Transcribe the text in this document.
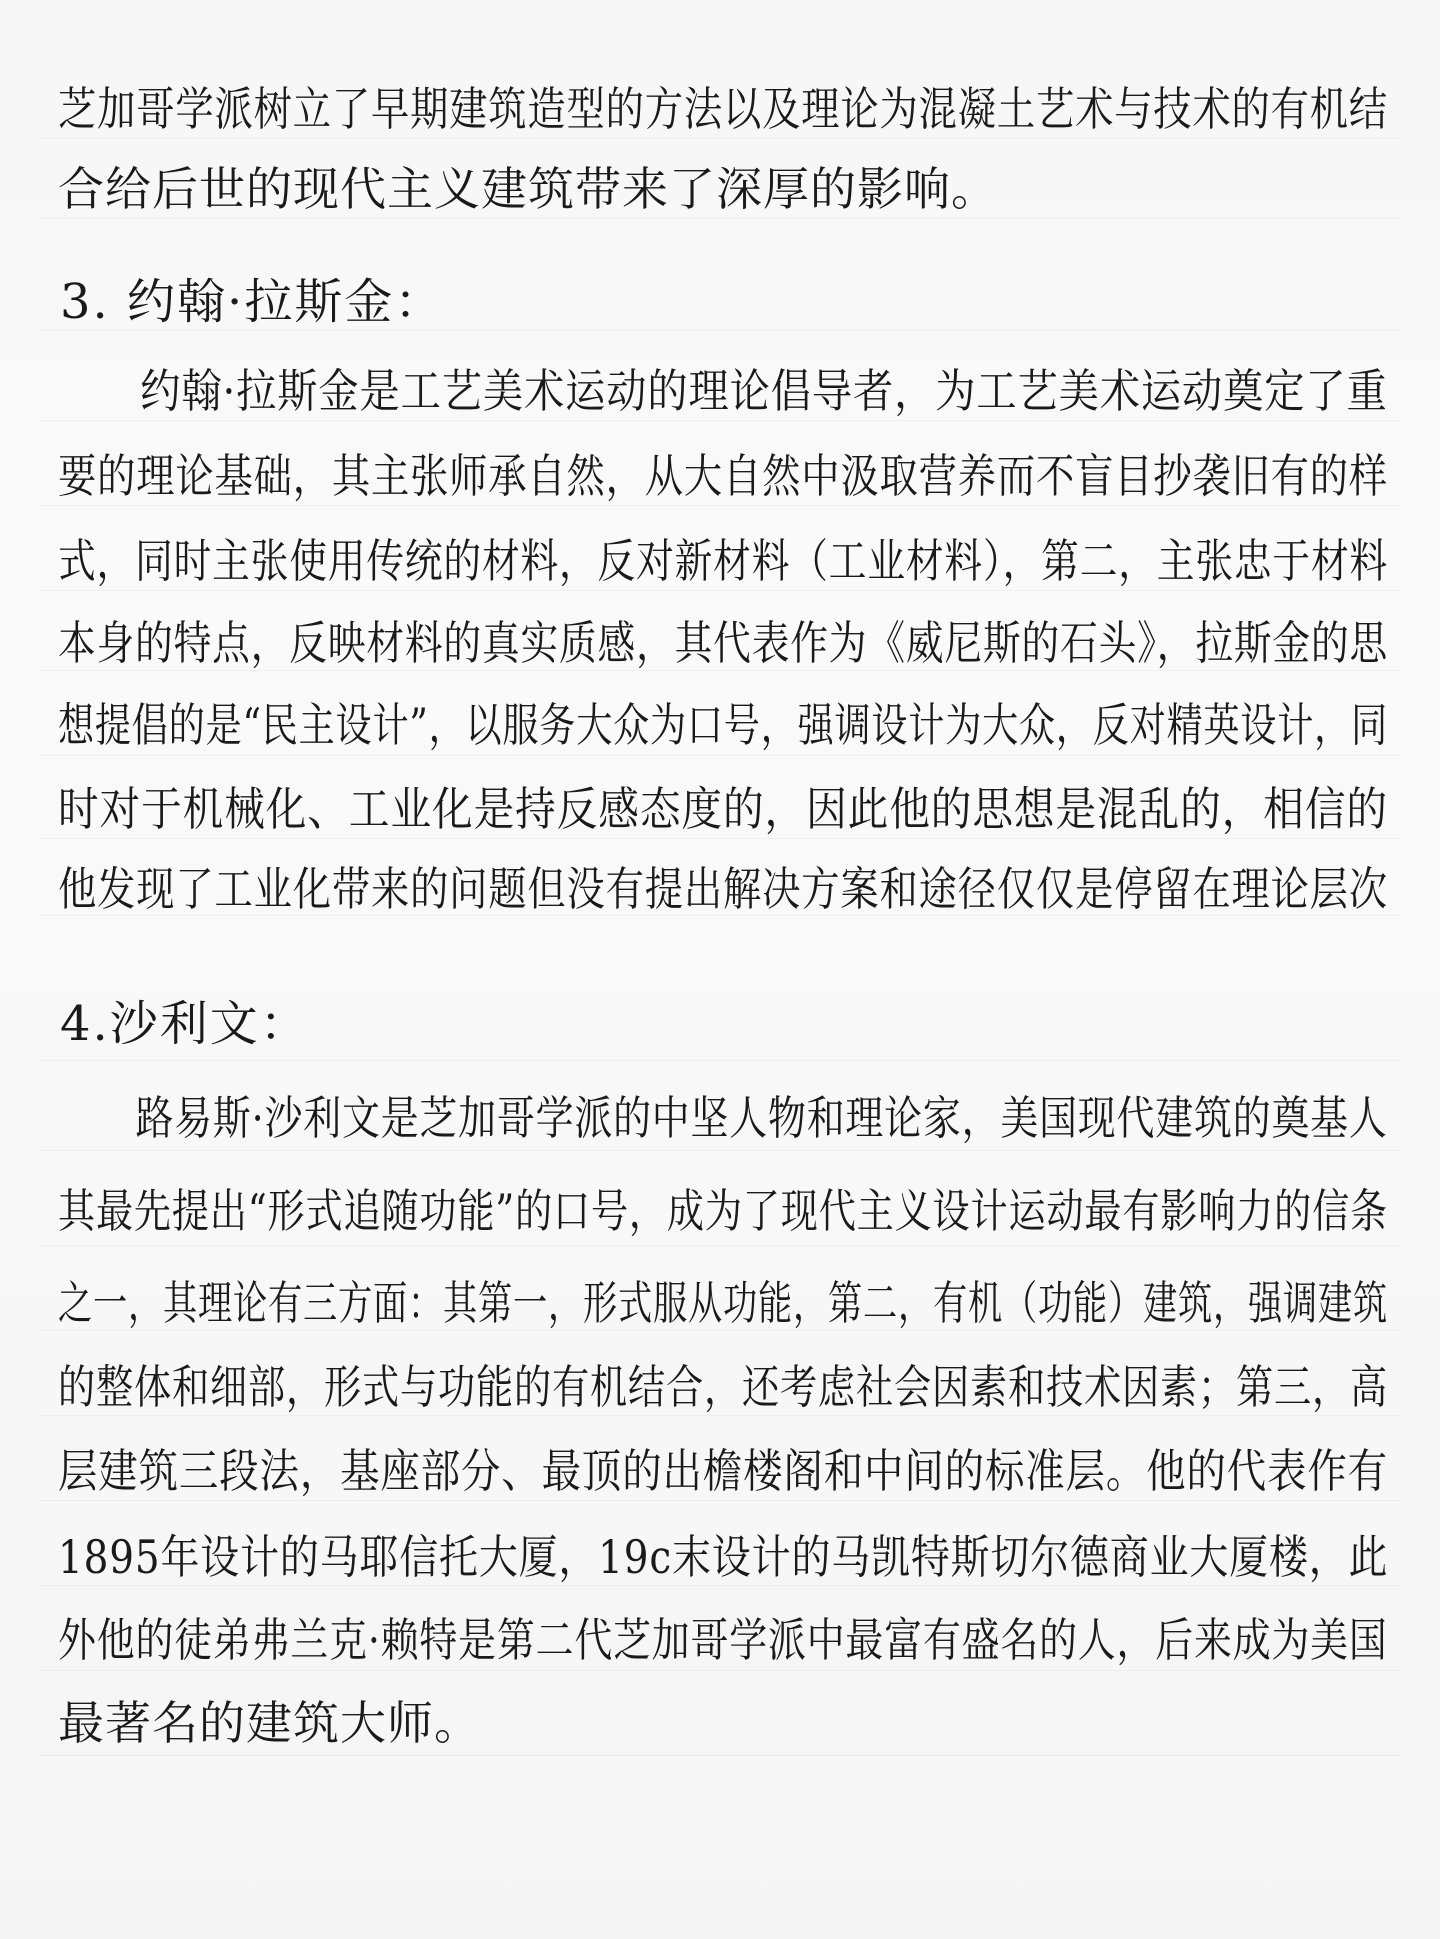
芝加哥学派树立了早期建筑造型的方法以及理论为混凝土艺术与技术的有机结
合给后世的现代主义建筑带来了深厚的影响。
3. 约翰·拉斯金：
　　约翰·拉斯金是工艺美术运动的理论倡导者，为工艺美术运动奠定了重
要的理论基础，其主张师承自然，从大自然中汲取营养而不盲目抄袭旧有的样
式，同时主张使用传统的材料，反对新材料（工业材料），第二，主张忠于材料
本身的特点，反映材料的真实质感，其代表作为《威尼斯的石头》，拉斯金的思
想提倡的是“民主设计”，以服务大众为口号，强调设计为大众，反对精英设计，同
时对于机械化、工业化是持反感态度的，因此他的思想是混乱的，相信的
他发现了工业化带来的问题但没有提出解决方案和途径仅仅是停留在理论层次
4.沙利文：
　　路易斯·沙利文是芝加哥学派的中坚人物和理论家，美国现代建筑的奠基人
其最先提出“形式追随功能”的口号，成为了现代主义设计运动最有影响力的信条
之一，其理论有三方面：其第一，形式服从功能，第二，有机（功能）建筑，强调建筑
的整体和细部，形式与功能的有机结合，还考虑社会因素和技术因素；第三，高
层建筑三段法，基座部分、最顶的出檐楼阁和中间的标准层。他的代表作有
1895年设计的马耶信托大厦，19c末设计的马凯特斯切尔德商业大厦楼，此
外他的徒弟弗兰克·赖特是第二代芝加哥学派中最富有盛名的人，后来成为美国
最著名的建筑大师。
